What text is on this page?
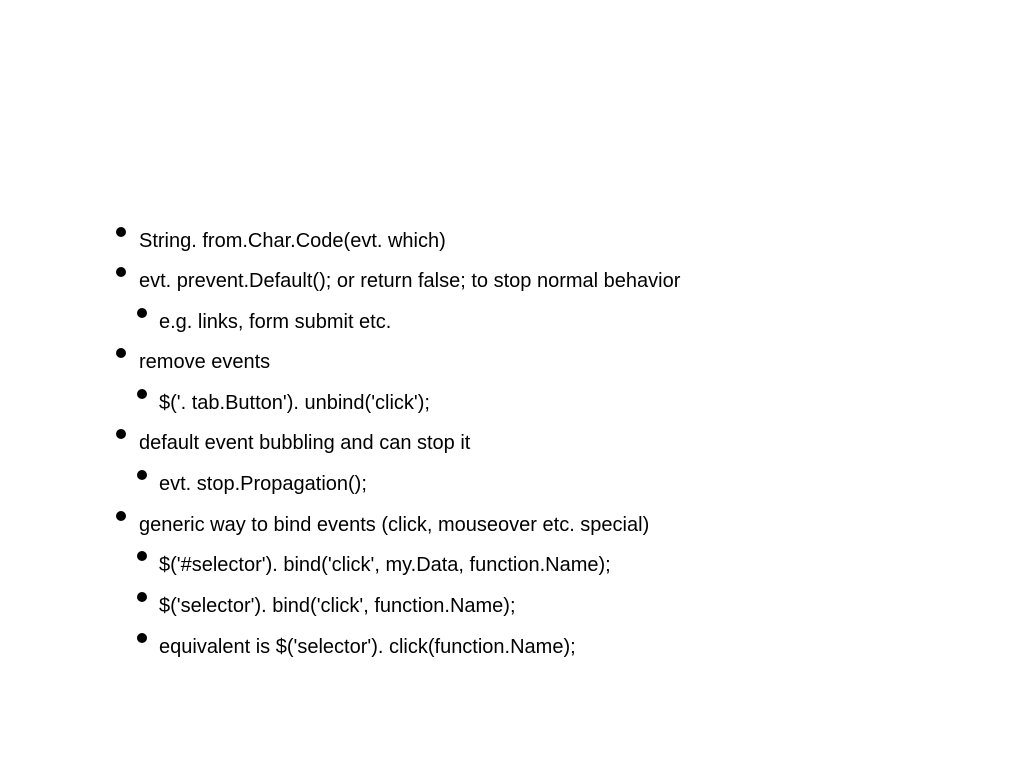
String. from.Char.Code(evt. which)
evt. prevent.Default(); or return false; to stop normal behavior
e.g. links, form submit etc.
remove events
$('. tab.Button'). unbind('click');
default event bubbling and can stop it
evt. stop.Propagation();
generic way to bind events (click, mouseover etc. special)
$('#selector'). bind('click', my.Data, function.Name);
$('selector'). bind('click', function.Name);
equivalent is $('selector'). click(function.Name);
